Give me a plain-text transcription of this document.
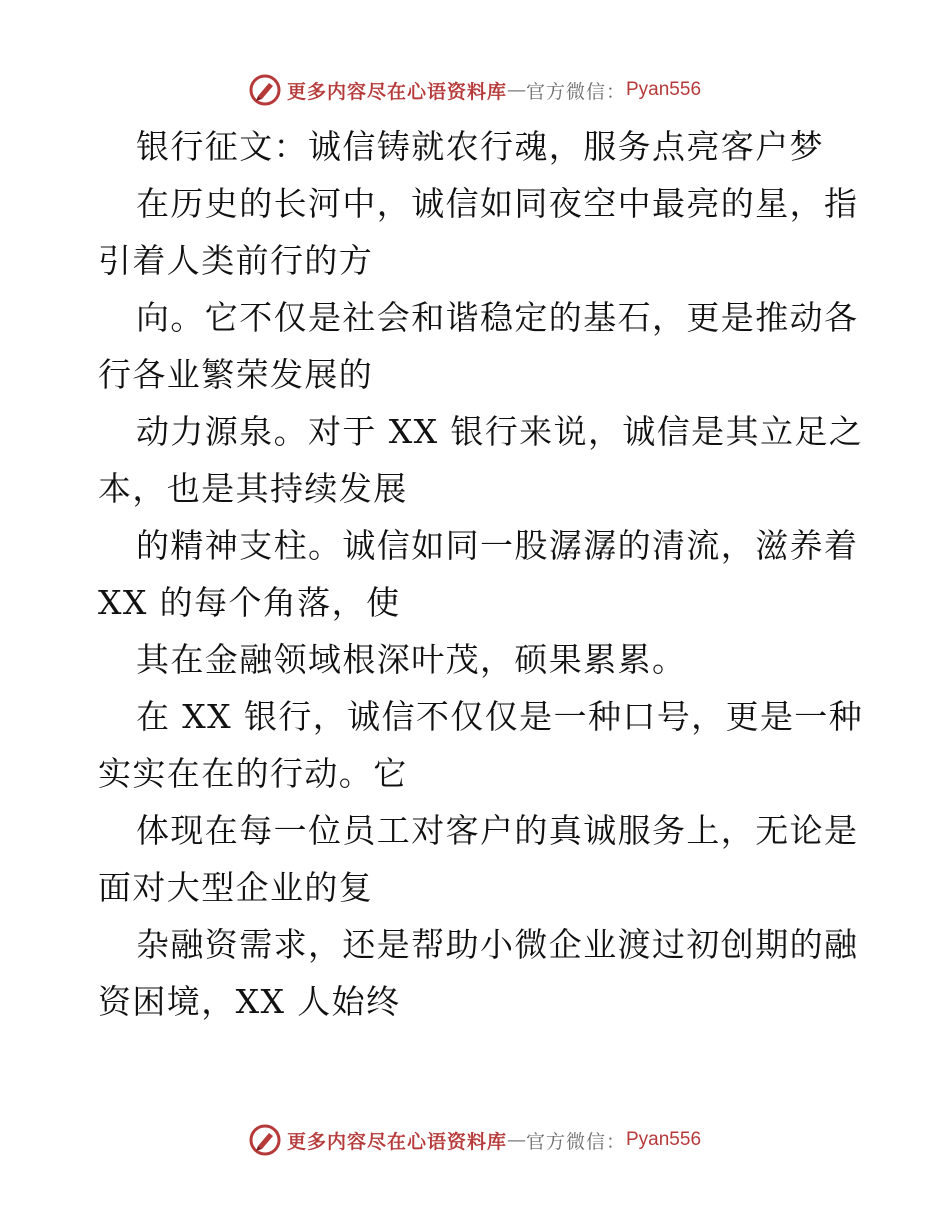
更多内容尽在心语资料库 — 官方微信： Pyan556
银行征文：诚信铸就农行魂，服务点亮客户梦
在历史的长河中，诚信如同夜空中最亮的星，指
引着人类前行的方
向。它不仅是社会和谐稳定的基石，更是推动各
行各业繁荣发展的
动力源泉。对于 XX 银行来说，诚信是其立足之
本，也是其持续发展
的精神支柱。诚信如同一股潺潺的清流，滋养着
XX 的每个角落，使
其在金融领域根深叶茂，硕果累累。
在 XX 银行，诚信不仅仅是一种口号，更是一种
实实在在的行动。它
体现在每一位员工对客户的真诚服务上，无论是
面对大型企业的复
杂融资需求，还是帮助小微企业渡过初创期的融
资困境，XX 人始终
更多内容尽在心语资料库 — 官方微信： Pyan556
